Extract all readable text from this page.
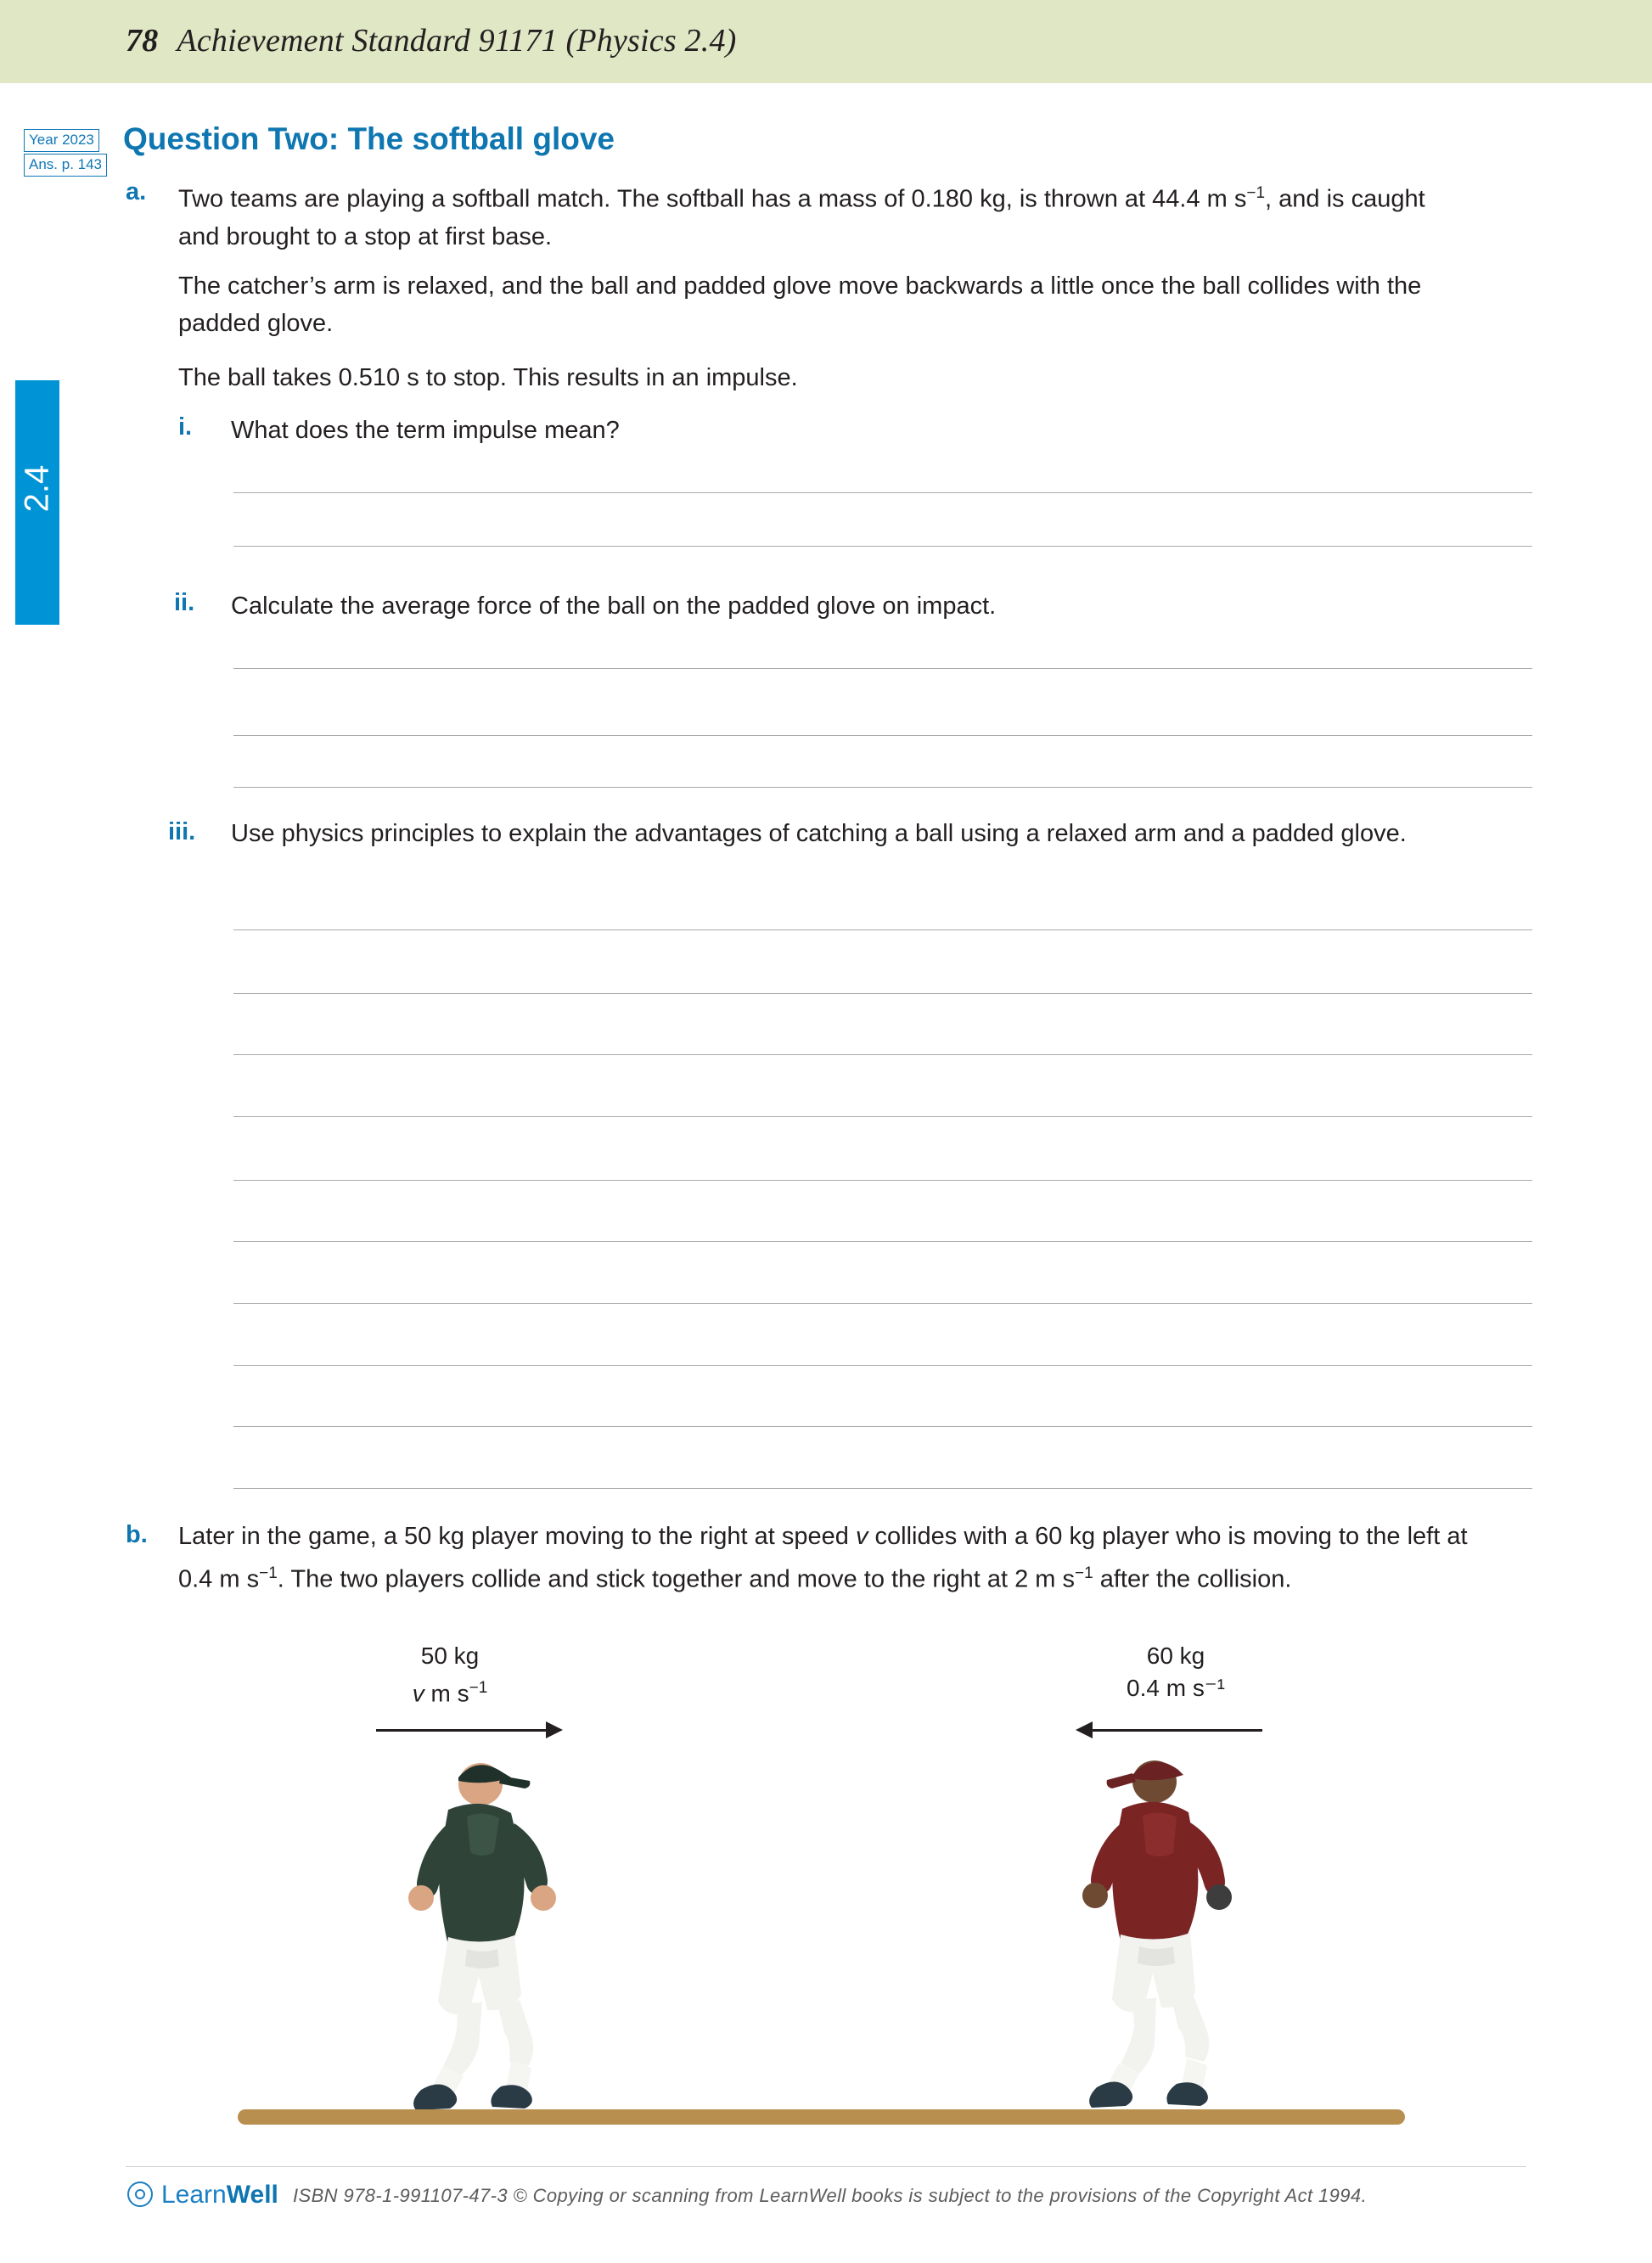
78 Achievement Standard 91171 (Physics 2.4)
2.4
Year 2023
Ans. p. 143
Question Two: The softball glove
a. Two teams are playing a softball match. The softball has a mass of 0.180 kg, is thrown at 44.4 m $s^{-1}$, and is caught and brought to a stop at first base.
The catcher’s arm is relaxed, and the ball and padded glove move backwards a little once the ball collides with the padded glove.
The ball takes 0.510 s to stop. This results in an impulse.
i. What does the term impulse mean?
ii. Calculate the average force of the ball on the padded glove on impact.
iii. Use physics principles to explain the advantages of catching a ball using a relaxed arm and a padded glove.
b. Later in the game, a 50 kg player moving to the right at speed v collides with a 60 kg player who is moving to the left at 0.4 m $s^{-1}$. The two players collide and stick together and move to the right at 2 m $s^{-1}$ after the collision.
50 kg
v m $s^{-1}$
60 kg
0.4 m s⁻¹
LearnWell ISBN 978-1-991107-47-3 © Copying or scanning from LearnWell books is subject to the provisions of the Copyright Act 1994.
